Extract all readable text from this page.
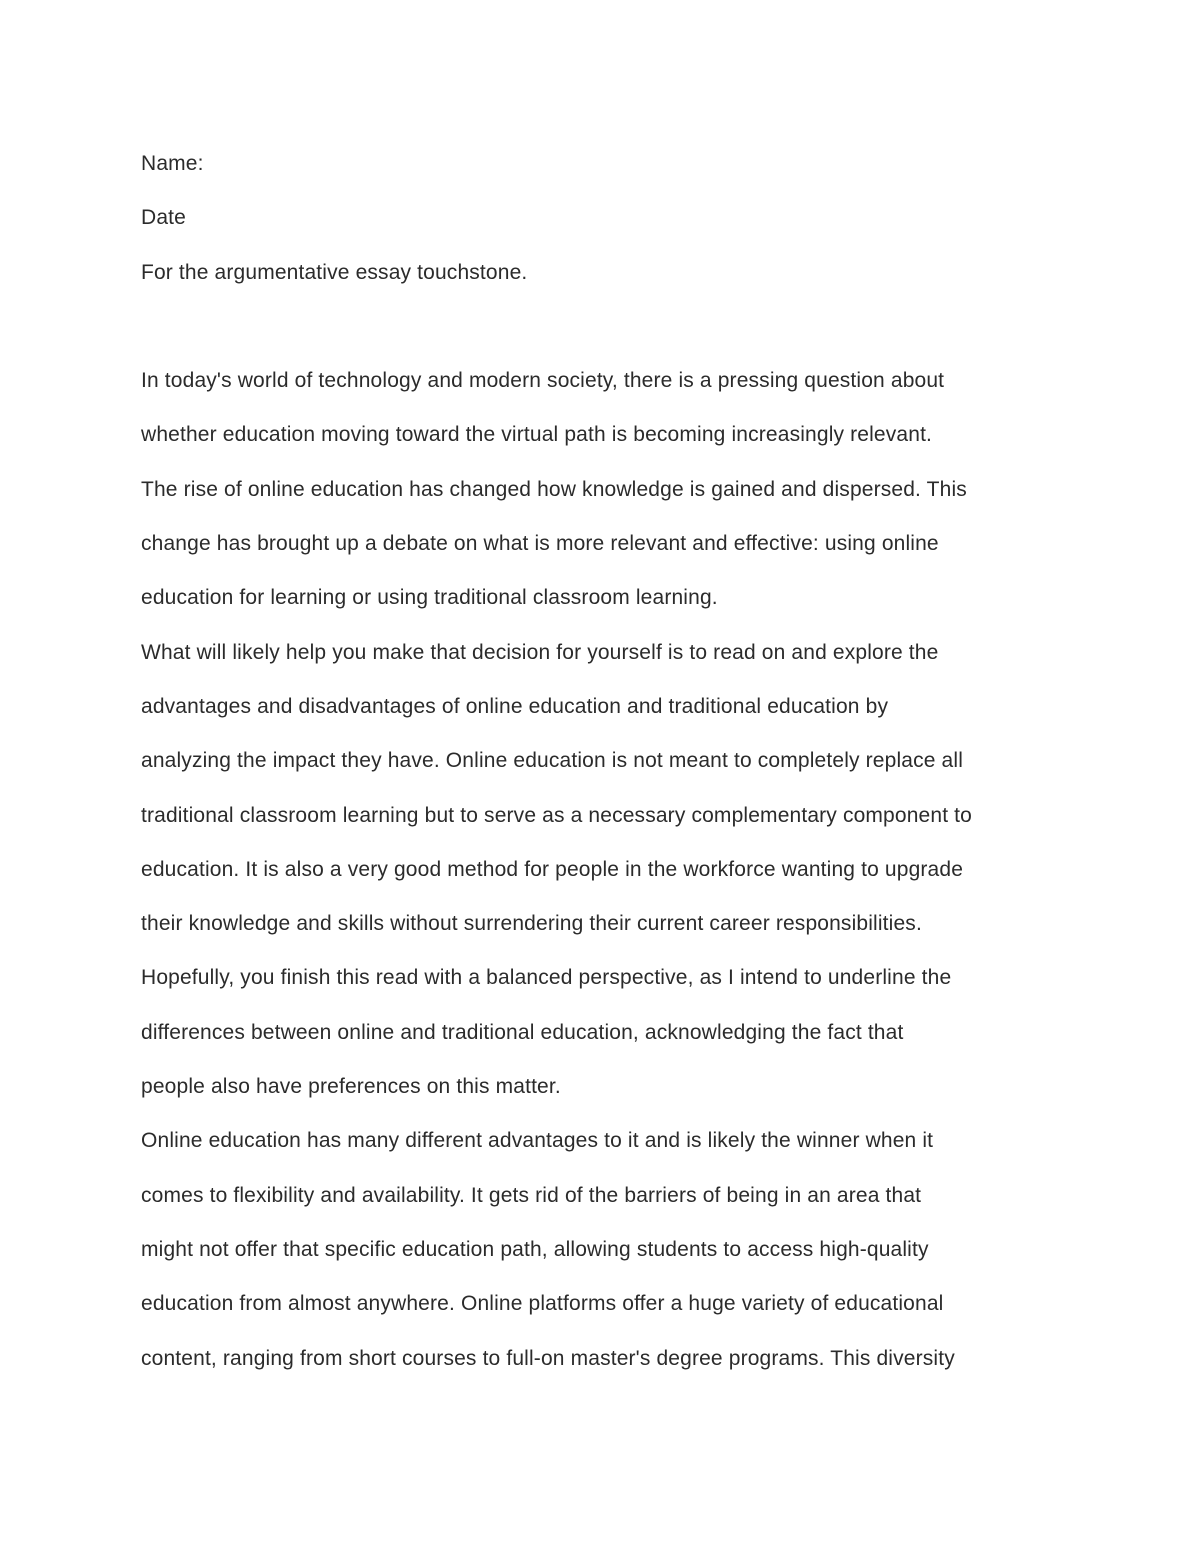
Name:
Date
For the argumentative essay touchstone.
In today's world of technology and modern society, there is a pressing question about
whether education moving toward the virtual path is becoming increasingly relevant.
The rise of online education has changed how knowledge is gained and dispersed. This
change has brought up a debate on what is more relevant and effective: using online
education for learning or using traditional classroom learning.
What will likely help you make that decision for yourself is to read on and explore the
advantages and disadvantages of online education and traditional education by
analyzing the impact they have. Online education is not meant to completely replace all
traditional classroom learning but to serve as a necessary complementary component to
education. It is also a very good method for people in the workforce wanting to upgrade
their knowledge and skills without surrendering their current career responsibilities.
Hopefully, you finish this read with a balanced perspective, as I intend to underline the
differences between online and traditional education, acknowledging the fact that
people also have preferences on this matter.
Online education has many different advantages to it and is likely the winner when it
comes to flexibility and availability. It gets rid of the barriers of being in an area that
might not offer that specific education path, allowing students to access high-quality
education from almost anywhere. Online platforms offer a huge variety of educational
content, ranging from short courses to full-on master's degree programs. This diversity
